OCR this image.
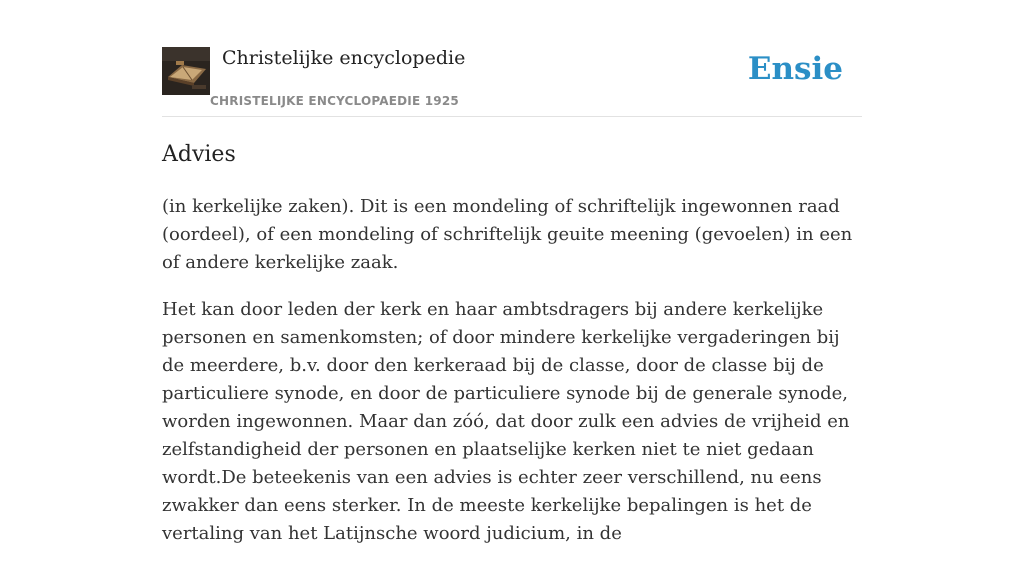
Christelijke encyclopedie
CHRISTELIJKE ENCYCLOPAEDIE 1925
Ensie
Advies

(in kerkelijke zaken). Dit is een mondeling of schriftelijk ingewonnen raad (oordeel), of een mondeling of schriftelijk geuite meening (gevoelen) in een of andere kerkelijke zaak.

Het kan door leden der kerk en haar ambtsdragers bij andere kerkelijke personen en samenkomsten; of door mindere kerkelijke vergaderingen bij de meerdere, b.v. door den kerkeraad bij de classe, door de classe bij de particuliere synode, en door de particuliere synode bij de generale synode, worden ingewonnen. Maar dan zóó, dat door zulk een advies de vrijheid en zelfstandigheid der personen en plaatselijke kerken niet te niet gedaan wordt.De beteekenis van een advies is echter zeer verschillend, nu eens zwakker dan eens sterker. In de meeste kerkelijke bepalingen is het de vertaling van het Latijnsche woord judicium, in de
